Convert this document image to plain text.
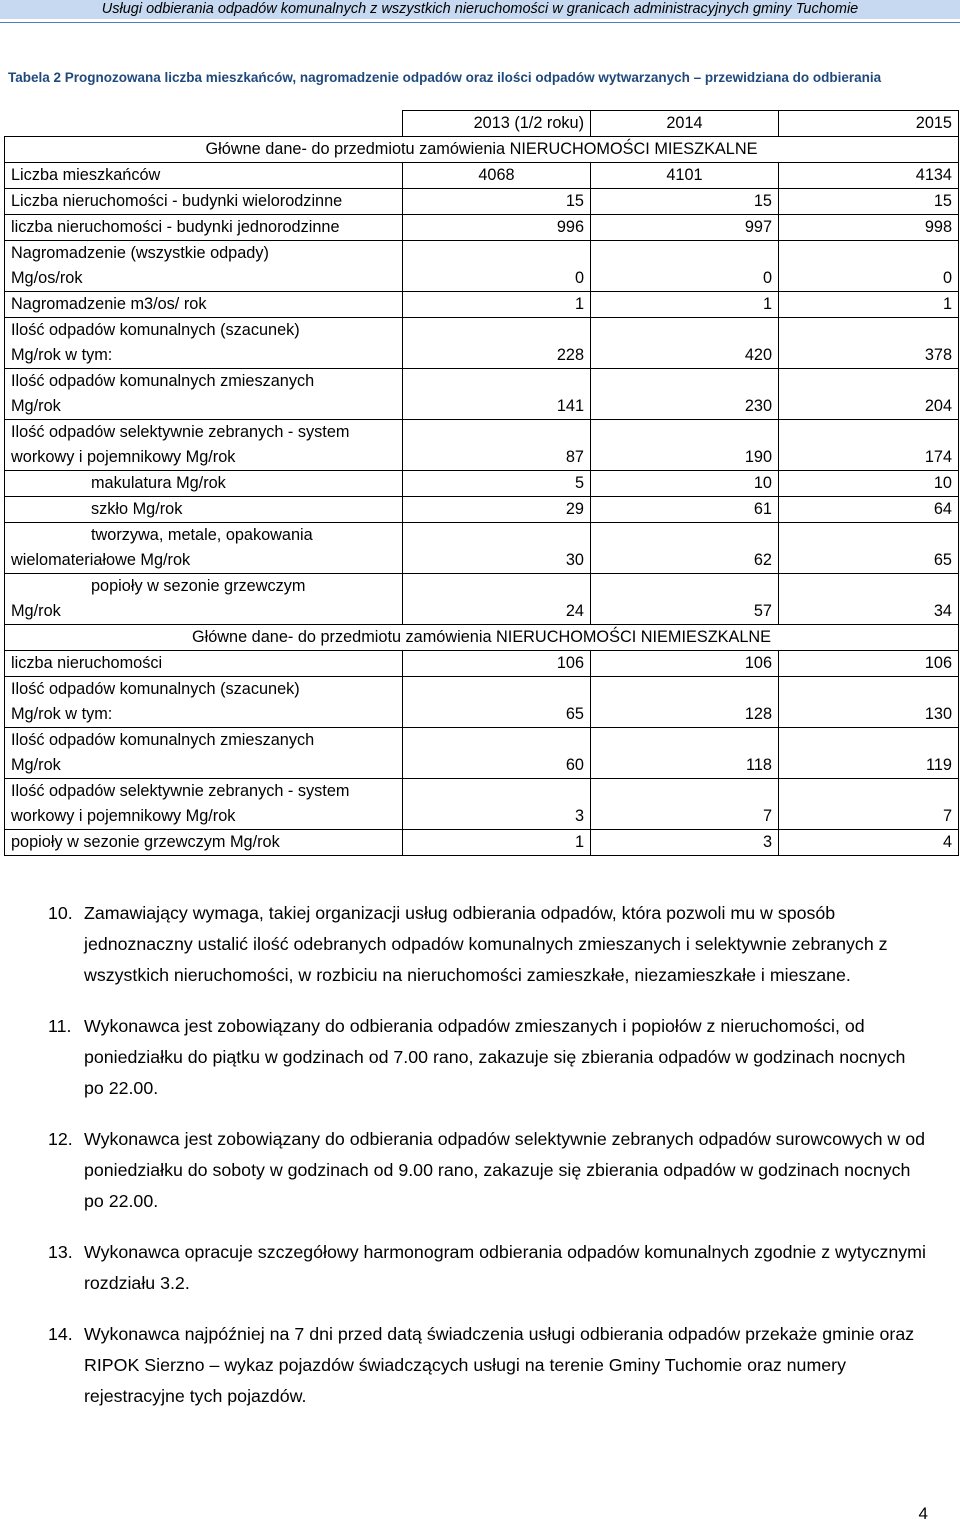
Usługi odbierania odpadów komunalnych z wszystkich nieruchomości w granicach administracyjnych gminy Tuchomie
Tabela 2 Prognozowana liczba mieszkańców, nagromadzenie odpadów oraz ilości odpadów wytwarzanych – przewidziana do odbierania
	2013 (1/2 roku)	2014	2015
Główne dane- do przedmiotu zamówienia NIERUCHOMOŚCI MIESZKALNE			

Liczba mieszkańców	4068	4101	4134

Liczba nieruchomości - budynki wielorodzinne	15	15	15

liczba nieruchomości - budynki jednorodzinne	996	997	998

Nagromadzenie (wszystkie odpady)
Mg/os/rok	0	0	0

Nagromadzenie m3/os/ rok	1	1	1

Ilość odpadów komunalnych (szacunek)
Mg/rok w tym:	228	420	378

Ilość odpadów komunalnych zmieszanych
Mg/rok	141	230	204

Ilość odpadów selektywnie zebranych - system
workowy i pojemnikowy Mg/rok	87	190	174

makulatura Mg/rok	5	10	10

szkło Mg/rok	29	61	64

tworzywa, metale, opakowania
wielomateriałowe Mg/rok	30	62	65

popioły w sezonie grzewczym
Mg/rok	24	57	34
Główne dane- do przedmiotu zamówienia NIERUCHOMOŚCI NIEMIESZKALNE			

liczba nieruchomości	106	106	106

Ilość odpadów komunalnych (szacunek)
Mg/rok w tym:	65	128	130

Ilość odpadów komunalnych zmieszanych
Mg/rok	60	118	119

Ilość odpadów selektywnie zebranych - system
workowy i pojemnikowy Mg/rok	3	7	7

popioły w sezonie grzewczym Mg/rok	1	3	4
10. Zamawiający wymaga, takiej organizacji usług odbierania odpadów, która pozwoli mu w sposób jednoznaczny ustalić ilość odebranych odpadów komunalnych zmieszanych i selektywnie zebranych z wszystkich nieruchomości, w rozbiciu na nieruchomości zamieszkałe, niezamieszkałe i mieszane.
11. Wykonawca jest zobowiązany do odbierania odpadów zmieszanych i popiołów z nieruchomości, od poniedziałku do piątku w godzinach od 7.00 rano, zakazuje się zbierania odpadów w godzinach nocnych po 22.00.
12. Wykonawca jest zobowiązany do odbierania odpadów selektywnie zebranych odpadów surowcowych w od poniedziałku do soboty w godzinach od 9.00 rano, zakazuje się zbierania odpadów w godzinach nocnych po 22.00.
13. Wykonawca opracuje szczegółowy harmonogram odbierania odpadów komunalnych zgodnie z wytycznymi rozdziału 3.2.
14. Wykonawca najpóźniej na 7 dni przed datą świadczenia usługi odbierania odpadów przekaże gminie oraz RIPOK Sierzno – wykaz pojazdów świadczących usługi na terenie Gminy Tuchomie oraz numery rejestracyjne tych pojazdów.
4
